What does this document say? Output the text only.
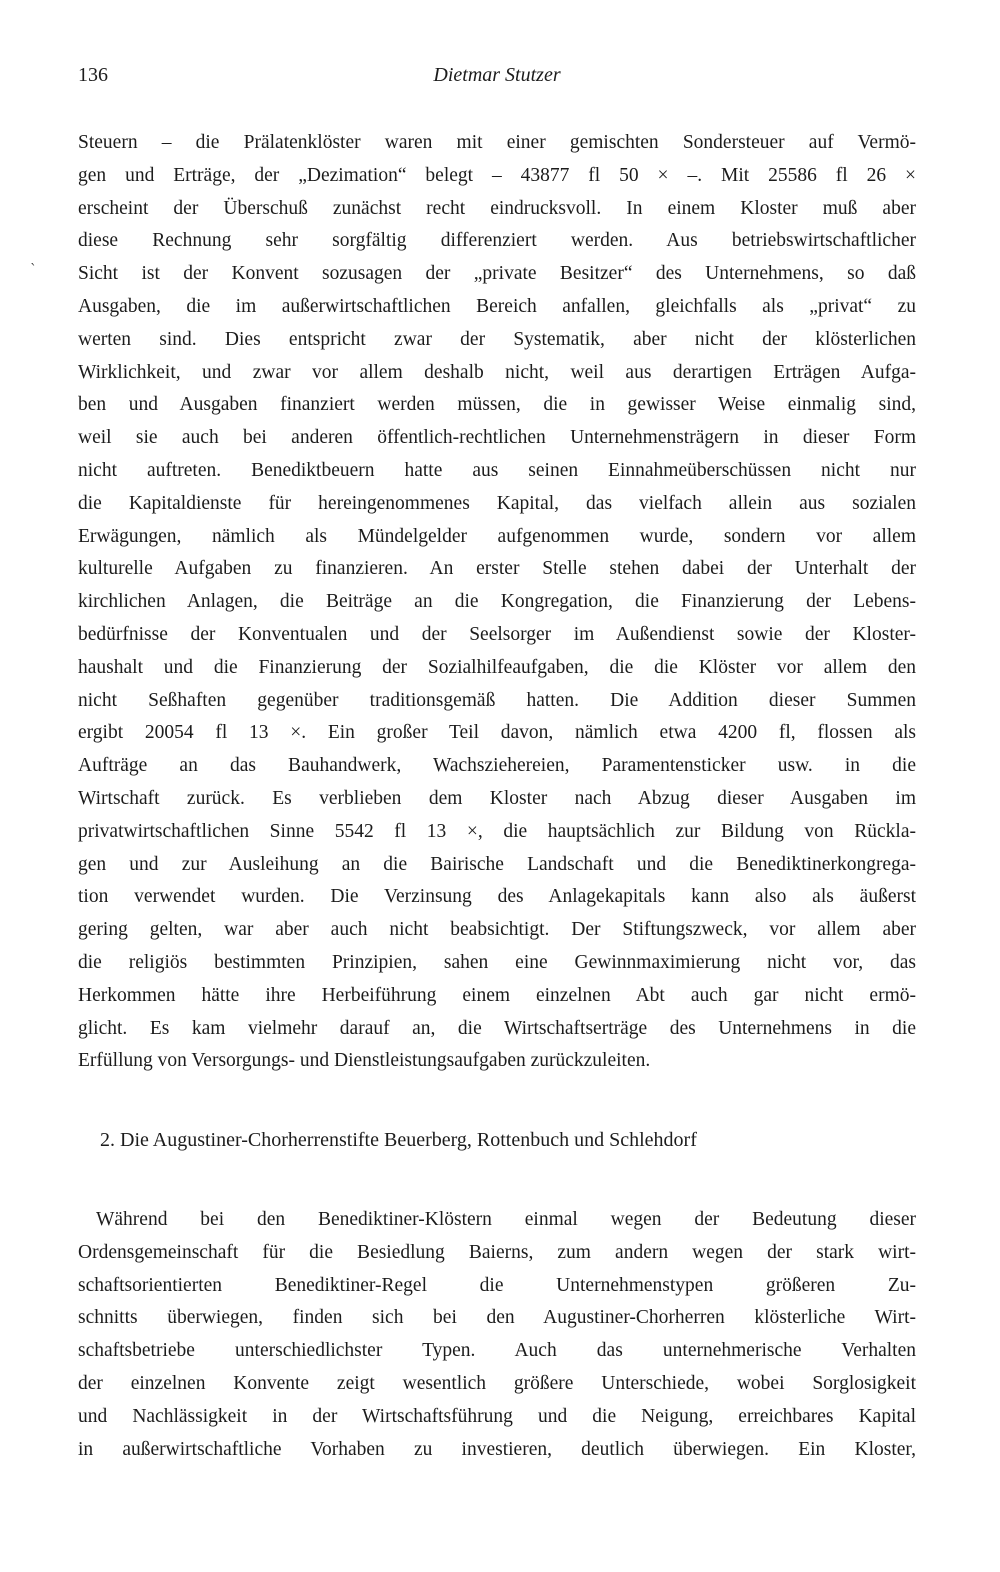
136	Dietmar Stutzer
`
Steuern – die Prälatenklöster waren mit einer gemischten Sondersteuer auf Vermö-
gen und Erträge, der „Dezimation“ belegt – 43877 fl 50 × –. Mit 25586 fl 26 ×
erscheint der Überschuß zunächst recht eindrucksvoll. In einem Kloster muß aber
diese Rechnung sehr sorgfältig differenziert werden. Aus betriebswirtschaftlicher
Sicht ist der Konvent sozusagen der „private Besitzer“ des Unternehmens, so daß
Ausgaben, die im außerwirtschaftlichen Bereich anfallen, gleichfalls als „privat“ zu
werten sind. Dies entspricht zwar der Systematik, aber nicht der klösterlichen
Wirklichkeit, und zwar vor allem deshalb nicht, weil aus derartigen Erträgen Aufga-
ben und Ausgaben finanziert werden müssen, die in gewisser Weise einmalig sind,
weil sie auch bei anderen öffentlich-rechtlichen Unternehmensträgern in dieser Form
nicht auftreten. Benediktbeuern hatte aus seinen Einnahmeüberschüssen nicht nur
die Kapitaldienste für hereingenommenes Kapital, das vielfach allein aus sozialen
Erwägungen, nämlich als Mündelgelder aufgenommen wurde, sondern vor allem
kulturelle Aufgaben zu finanzieren. An erster Stelle stehen dabei der Unterhalt der
kirchlichen Anlagen, die Beiträge an die Kongregation, die Finanzierung der Lebens-
bedürfnisse der Konventualen und der Seelsorger im Außendienst sowie der Kloster-
haushalt und die Finanzierung der Sozialhilfeaufgaben, die die Klöster vor allem den
nicht Seßhaften gegenüber traditionsgemäß hatten. Die Addition dieser Summen
ergibt 20054 fl 13 ×. Ein großer Teil davon, nämlich etwa 4200 fl, flossen als
Aufträge an das Bauhandwerk, Wachsziehereien, Paramentensticker usw. in die
Wirtschaft zurück. Es verblieben dem Kloster nach Abzug dieser Ausgaben im
privatwirtschaftlichen Sinne 5542 fl 13 ×, die hauptsächlich zur Bildung von Rückla-
gen und zur Ausleihung an die Bairische Landschaft und die Benediktinerkongrega-
tion verwendet wurden. Die Verzinsung des Anlagekapitals kann also als äußerst
gering gelten, war aber auch nicht beabsichtigt. Der Stiftungszweck, vor allem aber
die religiös bestimmten Prinzipien, sahen eine Gewinnmaximierung nicht vor, das
Herkommen hätte ihre Herbeiführung einem einzelnen Abt auch gar nicht ermö-
glicht. Es kam vielmehr darauf an, die Wirtschaftserträge des Unternehmens in die
Erfüllung von Versorgungs- und Dienstleistungsaufgaben zurückzuleiten.
2. Die Augustiner-Chorherrenstifte Beuerberg, Rottenbuch und Schlehdorf
Während bei den Benediktiner-Klöstern einmal wegen der Bedeutung dieser
Ordensgemeinschaft für die Besiedlung Baierns, zum andern wegen der stark wirt-
schaftsorientierten Benediktiner-Regel die Unternehmenstypen größeren Zu-
schnitts überwiegen, finden sich bei den Augustiner-Chorherren klösterliche Wirt-
schaftsbetriebe unterschiedlichster Typen. Auch das unternehmerische Verhalten
der einzelnen Konvente zeigt wesentlich größere Unterschiede, wobei Sorglosigkeit
und Nachlässigkeit in der Wirtschaftsführung und die Neigung, erreichbares Kapital
in außerwirtschaftliche Vorhaben zu investieren, deutlich überwiegen. Ein Kloster,
